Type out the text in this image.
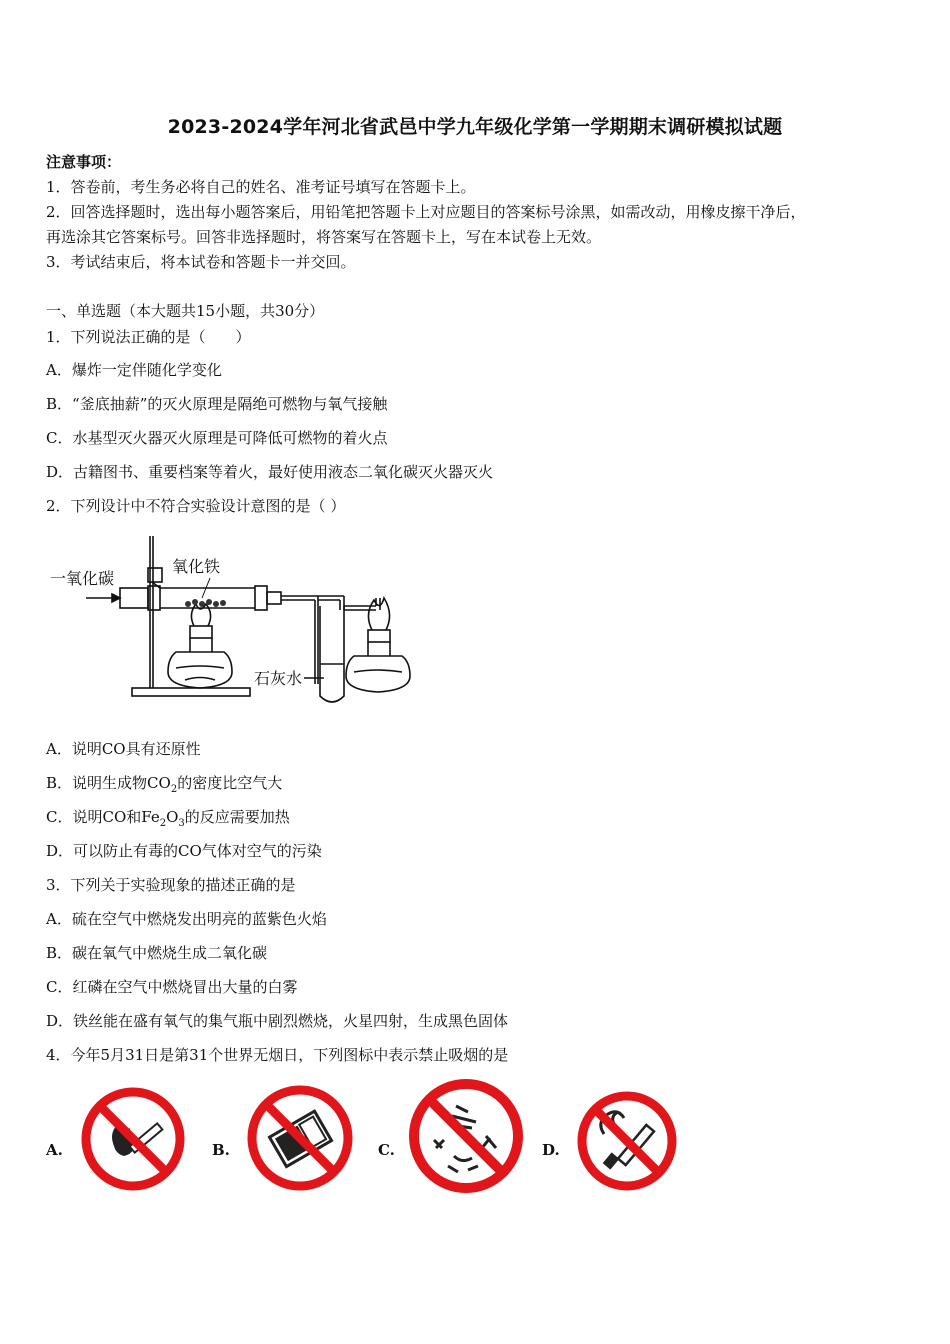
2023-2024学年河北省武邑中学九年级化学第一学期期末调研模拟试题
注意事项：
1．答卷前，考生务必将自己的姓名、准考证号填写在答题卡上。
2．回答选择题时，选出每小题答案后，用铅笔把答题卡上对应题目的答案标号涂黑，如需改动，用橡皮擦干净后，
再选涂其它答案标号。回答非选择题时，将答案写在答题卡上，写在本试卷上无效。
3．考试结束后，将本试卷和答题卡一并交回。
一、单选题（本大题共15小题，共30分）
1．下列说法正确的是（　　）
A．爆炸一定伴随化学变化
B．“釜底抽薪”的灭火原理是隔绝可燃物与氧气接触
C．水基型灭火器灭火原理是可降低可燃物的着火点
D．古籍图书、重要档案等着火，最好使用液态二氧化碳灭火器灭火
2．下列设计中不符合实验设计意图的是（ ）
一氧化碳
氧化铁
石灰水
A．说明CO具有还原性
B．说明生成物$CO_2$的密度比空气大
C．说明CO和$Fe_2O_3$的反应需要加热
D．可以防止有毒的CO气体对空气的污染
3．下列关于实验现象的描述正确的是
A．硫在空气中燃烧发出明亮的蓝紫色火焰
B．碳在氧气中燃烧生成二氧化碳
C．红磷在空气中燃烧冒出大量的白雾
D．铁丝能在盛有氧气的集气瓶中剧烈燃烧，火星四射，生成黑色固体
4．今年5月31日是第31个世界无烟日，下列图标中表示禁止吸烟的是
A.	B.	C.	D.
